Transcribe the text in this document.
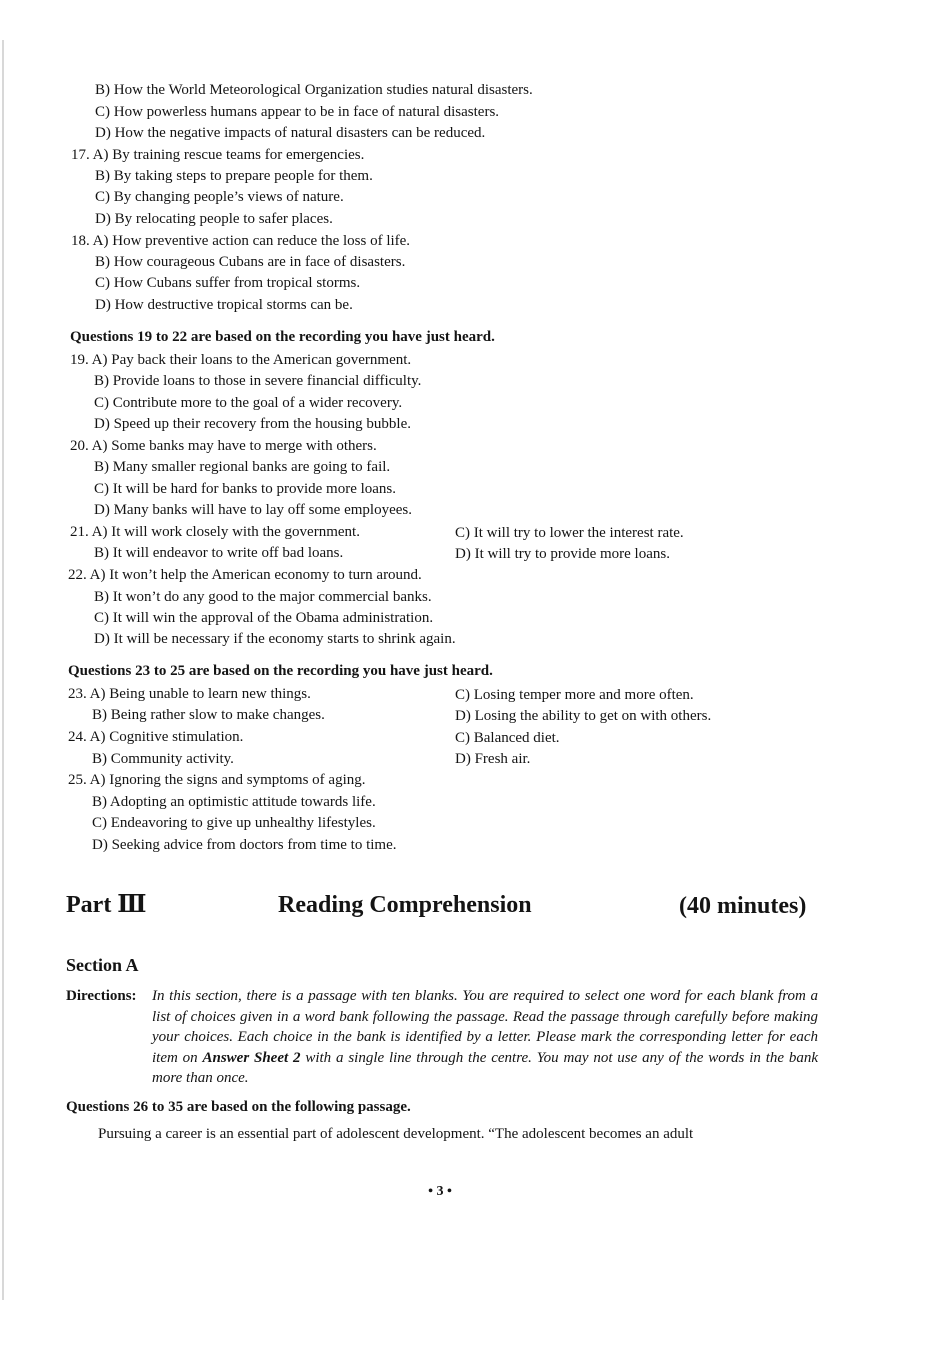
B) How the World Meteorological Organization studies natural disasters.
C) How powerless humans appear to be in face of natural disasters.
D) How the negative impacts of natural disasters can be reduced.
17. A) By training rescue teams for emergencies.
B) By taking steps to prepare people for them.
C) By changing people’s views of nature.
D) By relocating people to safer places.
18. A) How preventive action can reduce the loss of life.
B) How courageous Cubans are in face of disasters.
C) How Cubans suffer from tropical storms.
D) How destructive tropical storms can be.
Questions 19 to 22 are based on the recording you have just heard.
19. A) Pay back their loans to the American government.
B) Provide loans to those in severe financial difficulty.
C) Contribute more to the goal of a wider recovery.
D) Speed up their recovery from the housing bubble.
20. A) Some banks may have to merge with others.
B) Many smaller regional banks are going to fail.
C) It will be hard for banks to provide more loans.
D) Many banks will have to lay off some employees.
21. A) It will work closely with the government.	C) It will try to lower the interest rate.
B) It will endeavor to write off bad loans.	D) It will try to provide more loans.
22. A) It won’t help the American economy to turn around.
B) It won’t do any good to the major commercial banks.
C) It will win the approval of the Obama administration.
D) It will be necessary if the economy starts to shrink again.
Questions 23 to 25 are based on the recording you have just heard.
23. A) Being unable to learn new things.	C) Losing temper more and more often.
B) Being rather slow to make changes.	D) Losing the ability to get on with others.
24. A) Cognitive stimulation.	C) Balanced diet.
B) Community activity.	D) Fresh air.
25. A) Ignoring the signs and symptoms of aging.
B) Adopting an optimistic attitude towards life.
C) Endeavoring to give up unhealthy lifestyles.
D) Seeking advice from doctors from time to time.
Part Ⅲ	Reading Comprehension	(40 minutes)
Section A
Directions: In this section, there is a passage with ten blanks. You are required to select one word for each blank from a list of choices given in a word bank following the passage. Read the passage through carefully before making your choices. Each choice in the bank is identified by a letter. Please mark the corresponding letter for each item on Answer Sheet 2 with a single line through the centre. You may not use any of the words in the bank more than once.
Questions 26 to 35 are based on the following passage.
Pursuing a career is an essential part of adolescent development. “The adolescent becomes an adult
• 3 •
